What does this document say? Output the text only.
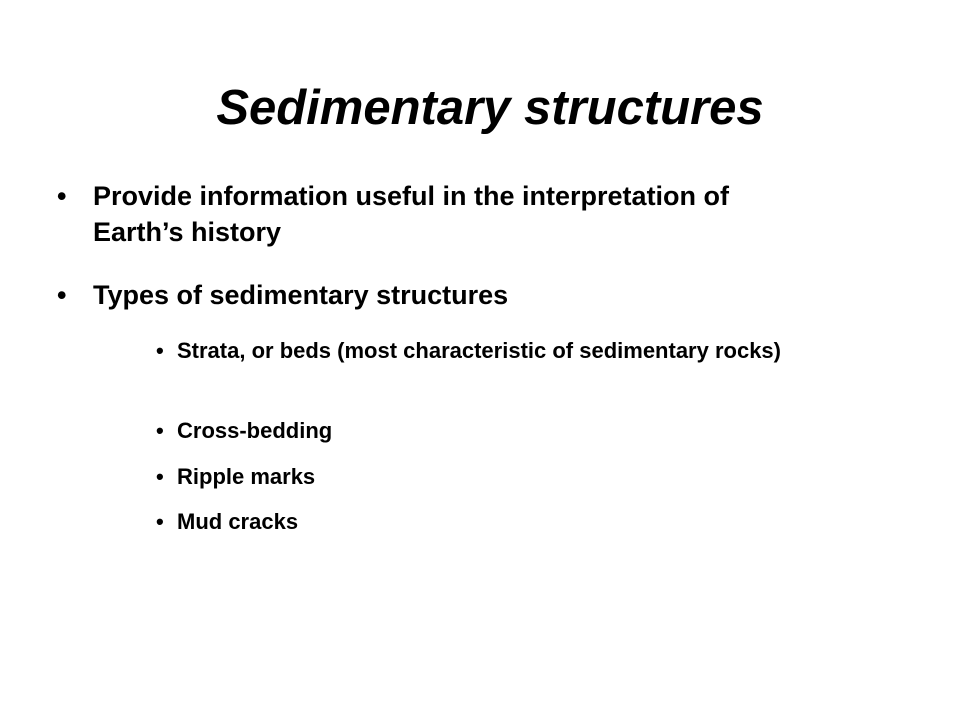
Sedimentary structures
• Provide information useful in the interpretation of Earth’s history
• Types of sedimentary structures
• Strata, or beds (most characteristic of sedimentary rocks)
• Cross-bedding
• Ripple marks
• Mud cracks
